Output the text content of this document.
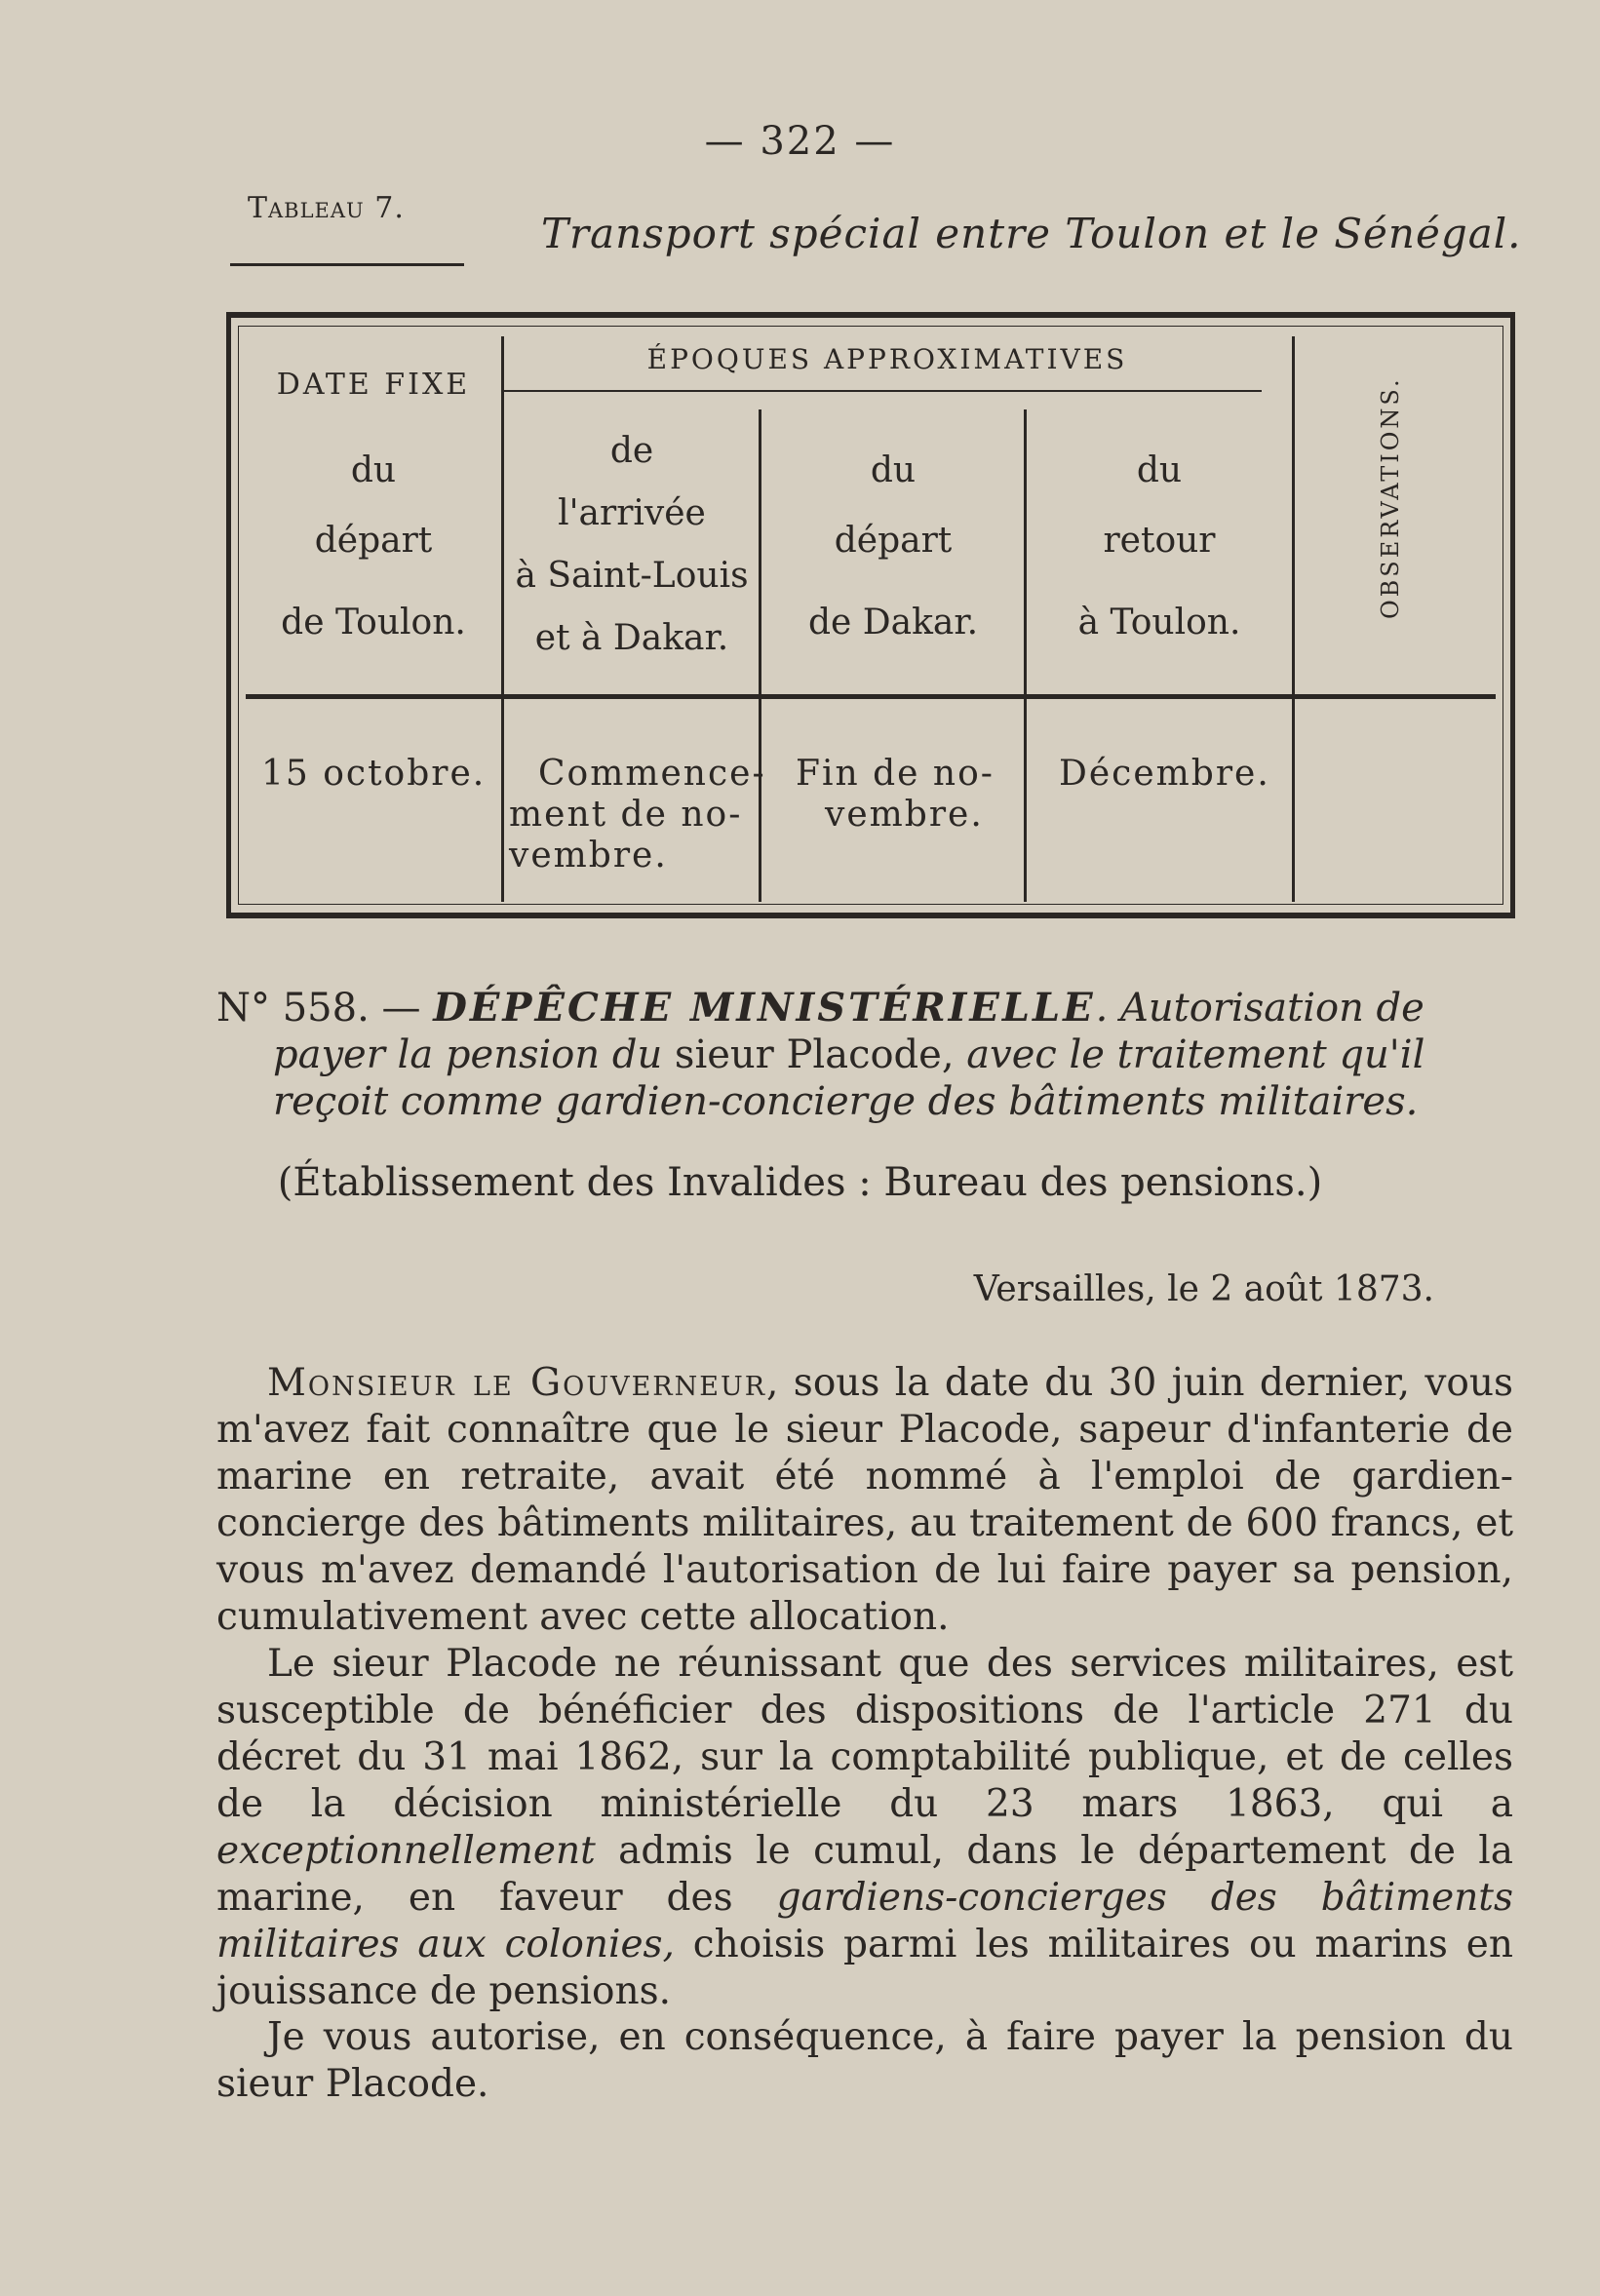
— 322 —
Tableau 7.
Transport spécial entre Toulon et le Sénégal.
DATE FIXE
du
départ
de Toulon.
ÉPOQUES APPROXIMATIVES
de
l'arrivée
à Saint-Louis
et à Dakar.
du
départ
de Dakar.
du
retour
à Toulon.
OBSERVATIONS.
15 octobre. Commence-
ment de no-
vembre.
Fin de no-
vembre.
Décembre.
N° 558. — DÉPÊCHE MINISTÉRIELLE. Autorisation de
payer la pension du sieur Placode, avec le traitement qu'il
reçoit comme gardien-concierge des bâtiments militaires.
(Établissement des Invalides : Bureau des pensions.)
Versailles, le 2 août 1873.

Monsieur le Gouverneur, sous la date du 30 juin dernier, vous m'avez fait connaître que le sieur Placode, sapeur d'infanterie de marine en retraite, avait été nommé à l'emploi de gardien-concierge des bâtiments militaires, au traitement de 600 francs, et vous m'avez demandé l'autorisation de lui faire payer sa pension, cumulativement avec cette allocation.

Le sieur Placode ne réunissant que des services militaires, est susceptible de bénéficier des dispositions de l'article 271 du décret du 31 mai 1862, sur la comptabilité publique, et de celles de la décision ministérielle du 23 mars 1863, qui a exceptionnellement admis le cumul, dans le département de la marine, en faveur des gardiens-concierges des bâtiments militaires aux colonies, choisis parmi les militaires ou marins en jouissance de pensions.

Je vous autorise, en conséquence, à faire payer la pension du sieur Placode.
